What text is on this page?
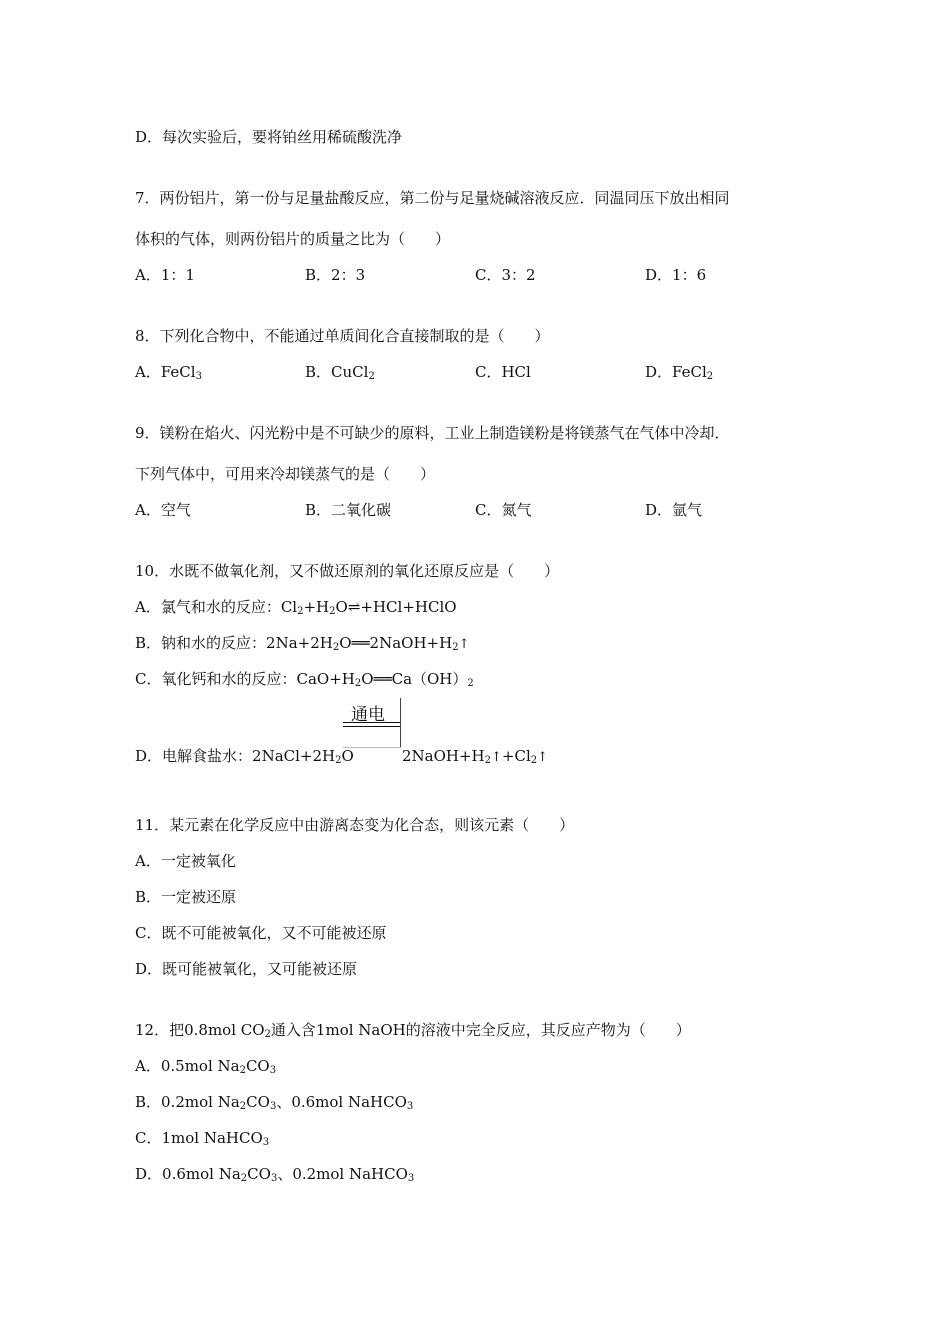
D．每次实验后，要将铂丝用稀硫酸洗净
7．两份铝片，第一份与足量盐酸反应，第二份与足量烧碱溶液反应．同温同压下放出相同
体积的气体，则两份铝片的质量之比为（　　）
A．1：1	B．2：3	C．3：2	D．1：6
8．下列化合物中，不能通过单质间化合直接制取的是（　　）
A．FeCl$_3$	B．CuCl$_2$	C．HCl	D．FeCl$_2$
9．镁粉在焰火、闪光粉中是不可缺少的原料，工业上制造镁粉是将镁蒸气在气体中冷却．
下列气体中，可用来冷却镁蒸气的是（　　）
A．空气	B．二氧化碳	C．氮气	D．氩气
10．水既不做氧化剂，又不做还原剂的氧化还原反应是（　　）
A．氯气和水的反应：$Cl_2+H_2O\rightleftharpoons+HCl+HClO$
B．钠和水的反应：$2Na+2H_2O══2NaOH+H_2↑$
C．氧化钙和水的反应：$CaO+H_2O══Ca(OH)_2$
通电
D．电解食盐水：$2NaCl+2H_2O$	$2NaOH+H_2↑+Cl_2↑$
11．某元素在化学反应中由游离态变为化合态，则该元素（　　）
A．一定被氧化
B．一定被还原
C．既不可能被氧化，又不可能被还原
D．既可能被氧化，又可能被还原
12．把0.8mol $CO_2$通入含1mol NaOH的溶液中完全反应，其反应产物为（　　）
A．0.5mol $Na_2CO_3$
B．0.2mol $Na_2CO_3$、0.6mol NaHCO$_3$
C．1mol NaHCO$_3$
D．0.6mol $Na_2CO_3$、0.2mol NaHCO$_3$
